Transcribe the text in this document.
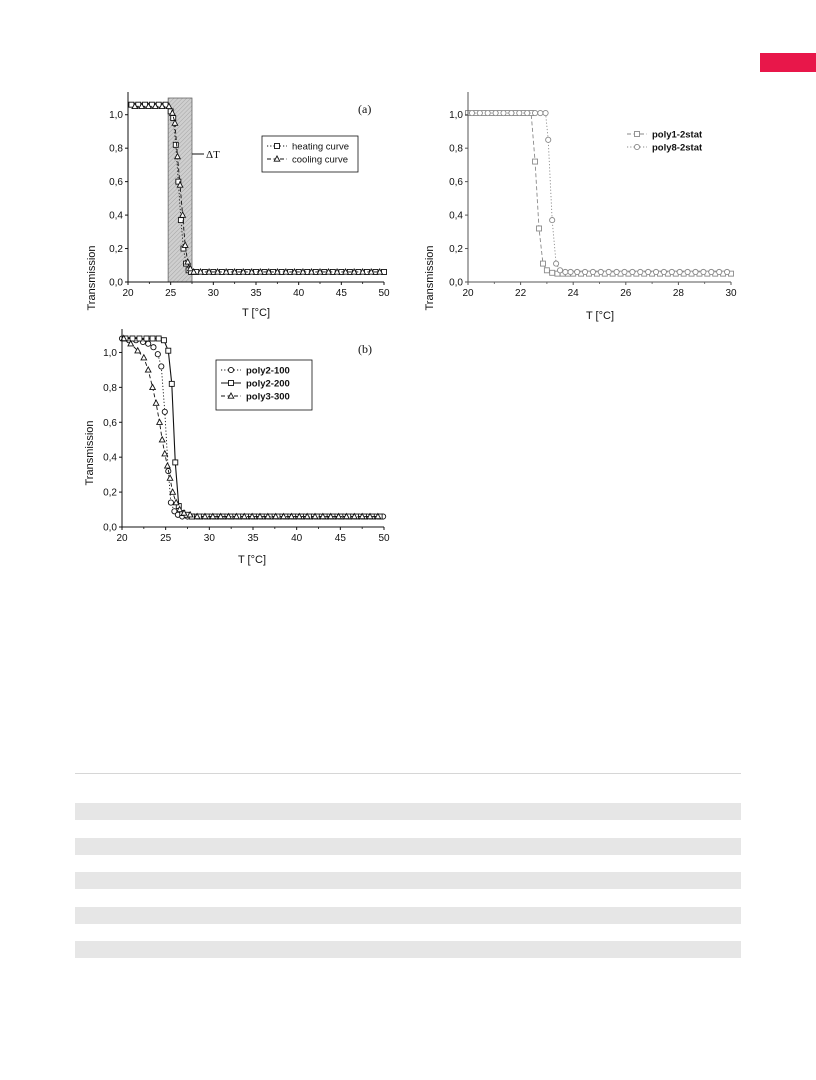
20	25	30	35	40	45	50
0,0
0,2
0,4
0,6
0,8
1,0	(a)
ΔT
heating curve
cooling curve
T [°C]
Transmission	20	22	24	26	28	30
0,0
0,2
0,4
0,6
0,8
1,0
poly1-2stat
poly8-2stat
T [°C]
Transmission
20	25	30	35	40	45	50
0,0
0,2
0,4
0,6
0,8
1,0	(b)
poly2-100
poly2-200
poly3-300
T [°C]
Transmission
